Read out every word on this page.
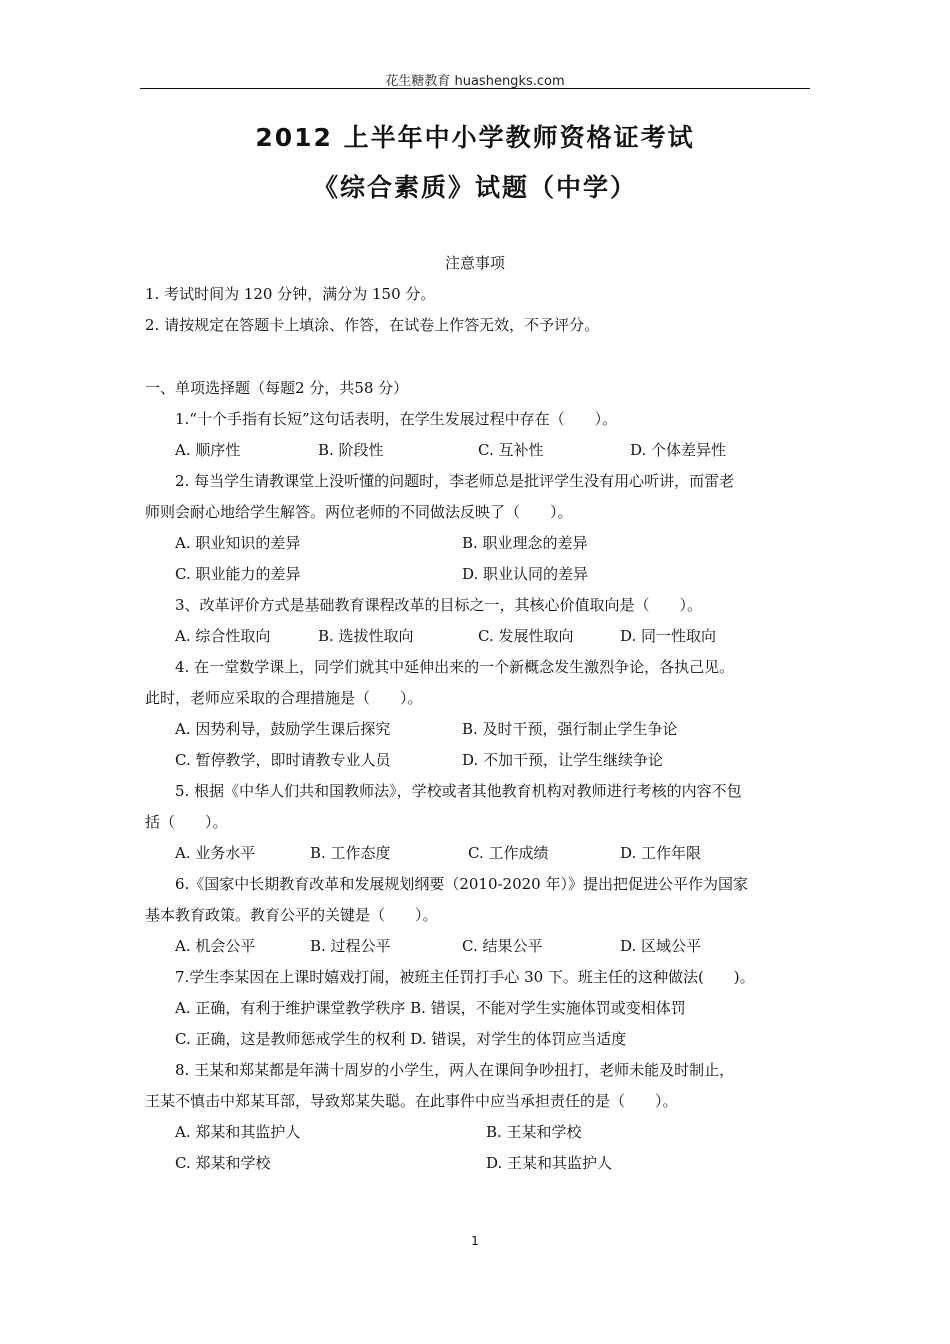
花生糖教育 huashengks.com
2012 上半年中小学教师资格证考试
《综合素质》试题（中学）
注意事项
1. 考试时间为 120 分钟，满分为 150 分。
2. 请按规定在答题卡上填涂、作答，在试卷上作答无效，不予评分。
一、单项选择题（每题2 分，共58 分）
1.“十个手指有长短”这句话表明，在学生发展过程中存在（　　）。
A. 顺序性	B. 阶段性	C. 互补性	D. 个体差异性
2. 每当学生请教课堂上没听懂的问题时，李老师总是批评学生没有用心听讲，而雷老
师则会耐心地给学生解答。两位老师的不同做法反映了（　　）。
A. 职业知识的差异	B. 职业理念的差异
C. 职业能力的差异	D. 职业认同的差异
3、改革评价方式是基础教育课程改革的目标之一，其核心价值取向是（　　）。
A. 综合性取向	B. 选拔性取向	C. 发展性取向	D. 同一性取向
4. 在一堂数学课上，同学们就其中延伸出来的一个新概念发生激烈争论，各执己见。
此时，老师应采取的合理措施是（　　）。
A. 因势利导，鼓励学生课后探究	B. 及时干预，强行制止学生争论
C. 暂停教学，即时请教专业人员	D. 不加干预，让学生继续争论
5. 根据《中华人们共和国教师法》，学校或者其他教育机构对教师进行考核的内容不包
括（　　）。
A. 业务水平	B. 工作态度	C. 工作成绩	D. 工作年限
6.《国家中长期教育改革和发展规划纲要（2010-2020 年）》提出把促进公平作为国家
基本教育政策。教育公平的关键是（　　）。
A. 机会公平	B. 过程公平	C. 结果公平	D. 区域公平
7.学生李某因在上课时嬉戏打闹，被班主任罚打手心 30 下。班主任的这种做法(　　)。
A. 正确，有利于维护课堂教学秩序 B. 错误，不能对学生实施体罚或变相体罚
C. 正确，这是教师惩戒学生的权利 D. 错误，对学生的体罚应当适度
8. 王某和郑某都是年满十周岁的小学生，两人在课间争吵扭打，老师未能及时制止，
王某不慎击中郑某耳部，导致郑某失聪。在此事件中应当承担责任的是（　　）。
A. 郑某和其监护人	B. 王某和学校
C. 郑某和学校	D. 王某和其监护人
1
